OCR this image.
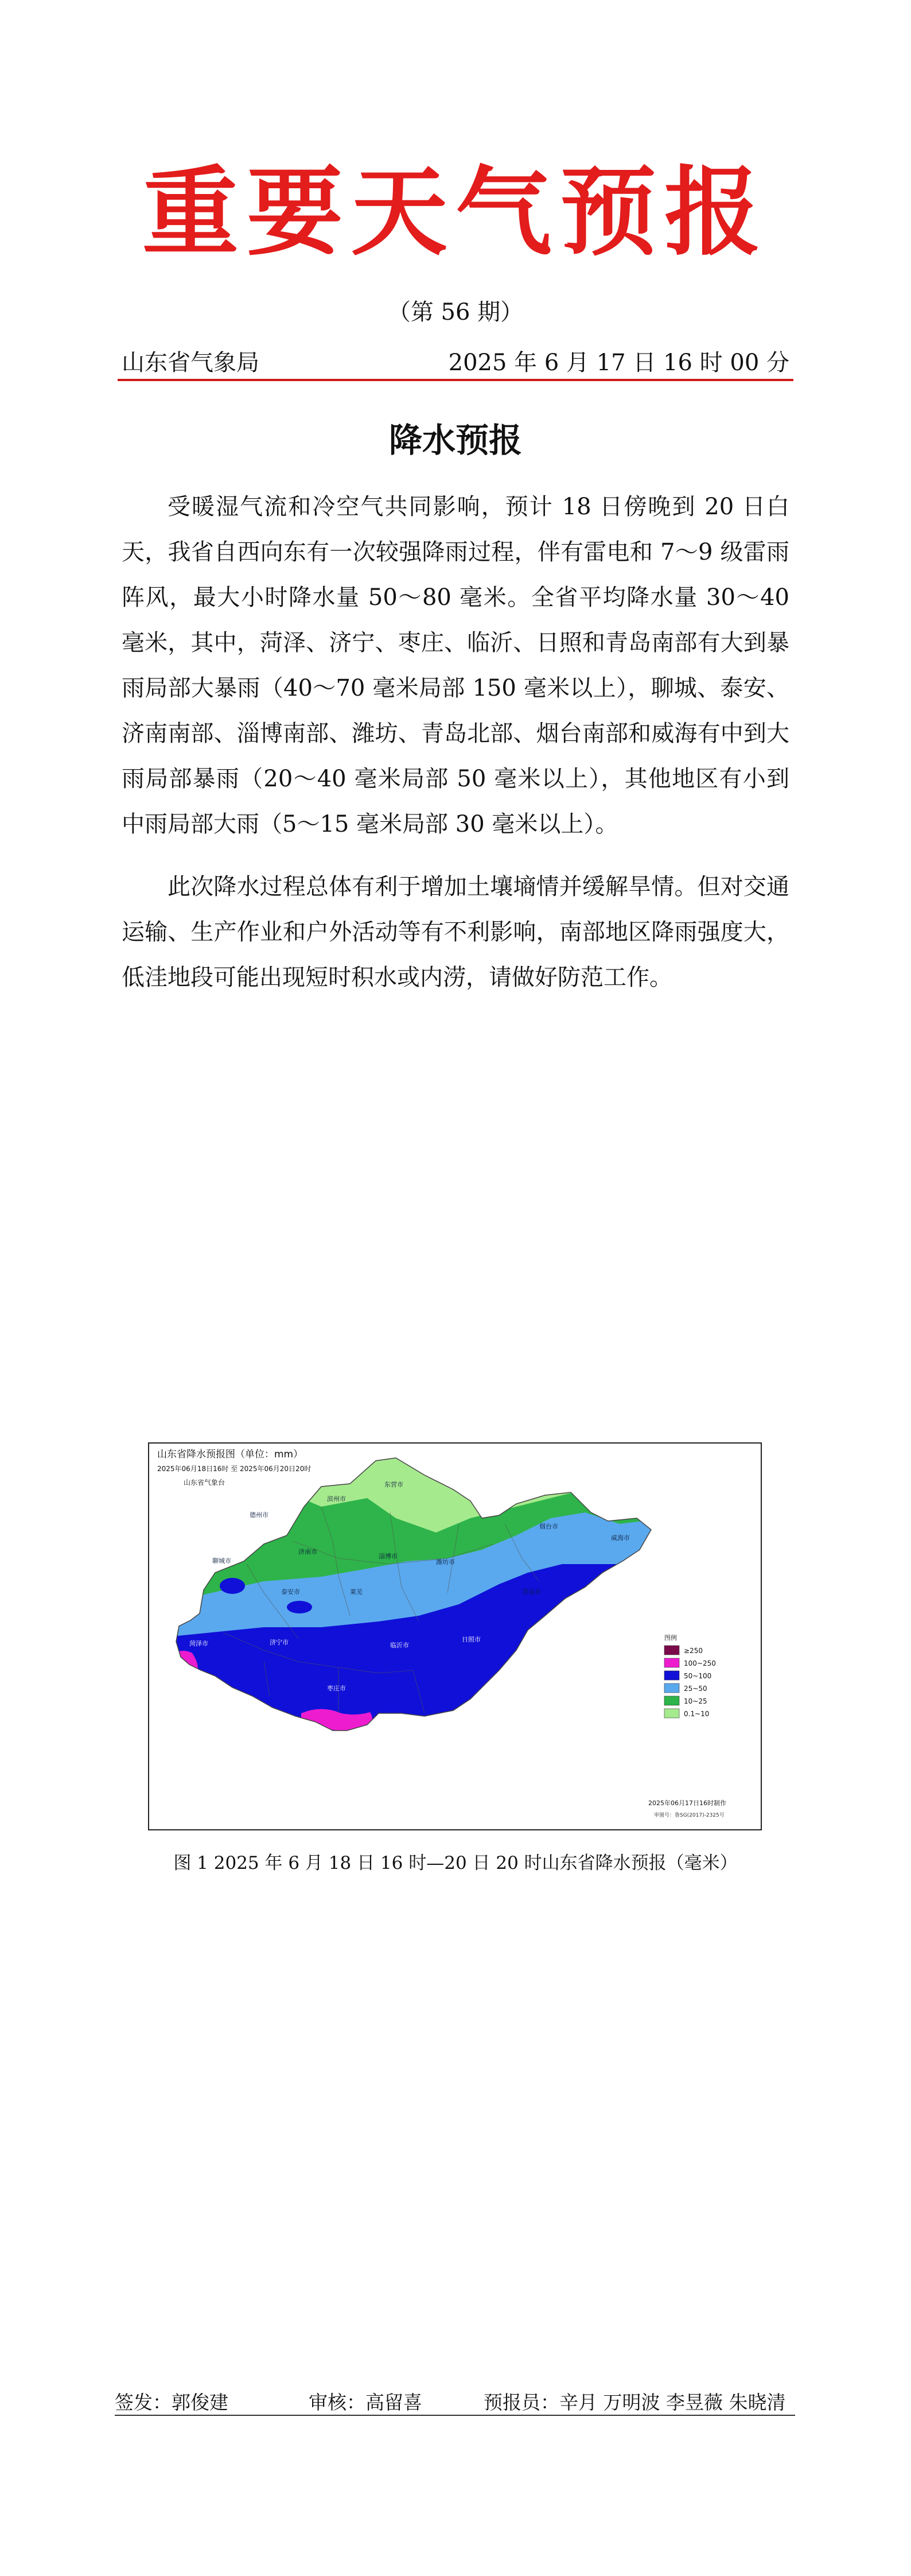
重要天气预报
（第 56 期）
山东省气象局	2025 年 6 月 17 日 16 时 00 分
降水预报

受暖湿气流和冷空气共同影响，预计 18 日傍晚到 20 日白天，我省自西向东有一次较强降雨过程，伴有雷电和 7～9 级雷雨阵风，最大小时降水量 50～80 毫米。全省平均降水量 30～40 毫米，其中，菏泽、济宁、枣庄、临沂、日照和青岛南部有大到暴雨局部大暴雨（40～70 毫米局部 150 毫米以上），聊城、泰安、济南南部、淄博南部、潍坊、青岛北部、烟台南部和威海有中到大雨局部暴雨（20～40 毫米局部 50 毫米以上），其他地区有小到中雨局部大雨（5～15 毫米局部 30 毫米以上）。

此次降水过程总体有利于增加土壤墒情并缓解旱情。但对交通运输、生产作业和户外活动等有不利影响，南部地区降雨强度大，低洼地段可能出现短时积水或内涝，请做好防范工作。

山东省降水预报图（单位：mm）
2025年06月18日16时 至 2025年06月20日20时
山东省气象台
德州市
滨州市
东营市
烟台市
威海市
聊城市
济南市
淄博市
潍坊市
青岛市
泰安市	莱芜
菏泽市	济宁市	临沂市
日照市
枣庄市
图例
≥250
100~250
50~100
25~50
10~25
0.1~10
2025年06月17日16时制作
审图号：鲁SG(2017)-2325号
图 1 2025 年 6 月 18 日 16 时—20 日 20 时山东省降水预报（毫米）
签发：郭俊建	审核：高留喜	预报员：辛月 万明波 李昱薇 朱晓清
